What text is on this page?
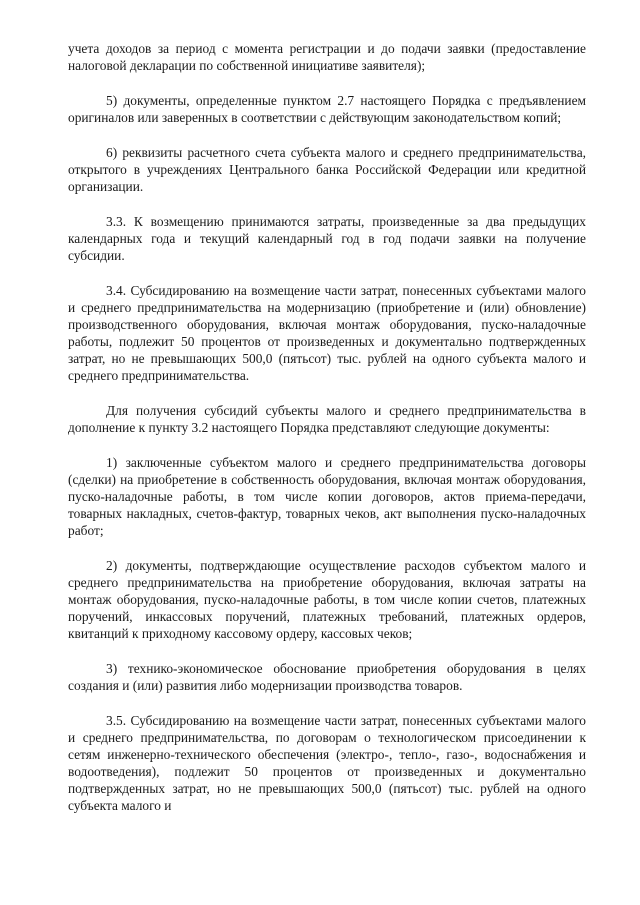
учета доходов за период с момента регистрации и до подачи заявки (предоставление налоговой декларации по собственной инициативе заявителя);

5) документы, определенные пунктом 2.7 настоящего Порядка с предъявлением оригиналов или заверенных в соответствии с действующим законодательством копий;

6) реквизиты расчетного счета субъекта малого и среднего предпринимательства, открытого в учреждениях Центрального банка Российской Федерации или кредитной организации.

3.3. К возмещению принимаются затраты, произведенные за два предыдущих календарных года и текущий календарный год в год подачи заявки на получение субсидии.

3.4. Субсидированию на возмещение части затрат, понесенных субъектами малого и среднего предпринимательства на модернизацию (приобретение и (или) обновление) производственного оборудования, включая монтаж оборудования, пуско-наладочные работы, подлежит 50 процентов от произведенных и документально подтвержденных затрат, но не превышающих 500,0 (пятьсот) тыс. рублей на одного субъекта малого и среднего предпринимательства.

Для получения субсидий субъекты малого и среднего предпринимательства в дополнение к пункту 3.2 настоящего Порядка представляют следующие документы:

1) заключенные субъектом малого и среднего предпринимательства договоры (сделки) на приобретение в собственность оборудования, включая монтаж оборудования, пуско-наладочные работы, в том числе копии договоров, актов приема-передачи, товарных накладных, счетов-фактур, товарных чеков, акт выполнения пуско-наладочных работ;

2) документы, подтверждающие осуществление расходов субъектом малого и среднего предпринимательства на приобретение оборудования, включая затраты на монтаж оборудования, пуско-наладочные работы, в том числе копии счетов, платежных поручений, инкассовых поручений, платежных требований, платежных ордеров, квитанций к приходному кассовому ордеру, кассовых чеков;

3) технико-экономическое обоснование приобретения оборудования в целях создания и (или) развития либо модернизации производства товаров.

3.5. Субсидированию на возмещение части затрат, понесенных субъектами малого и среднего предпринимательства, по договорам о технологическом присоединении к сетям инженерно-технического обеспечения (электро-, тепло-, газо-, водоснабжения и водоотведения), подлежит 50 процентов от произведенных и документально подтвержденных затрат, но не превышающих 500,0 (пятьсот) тыс. рублей на одного субъекта малого и
